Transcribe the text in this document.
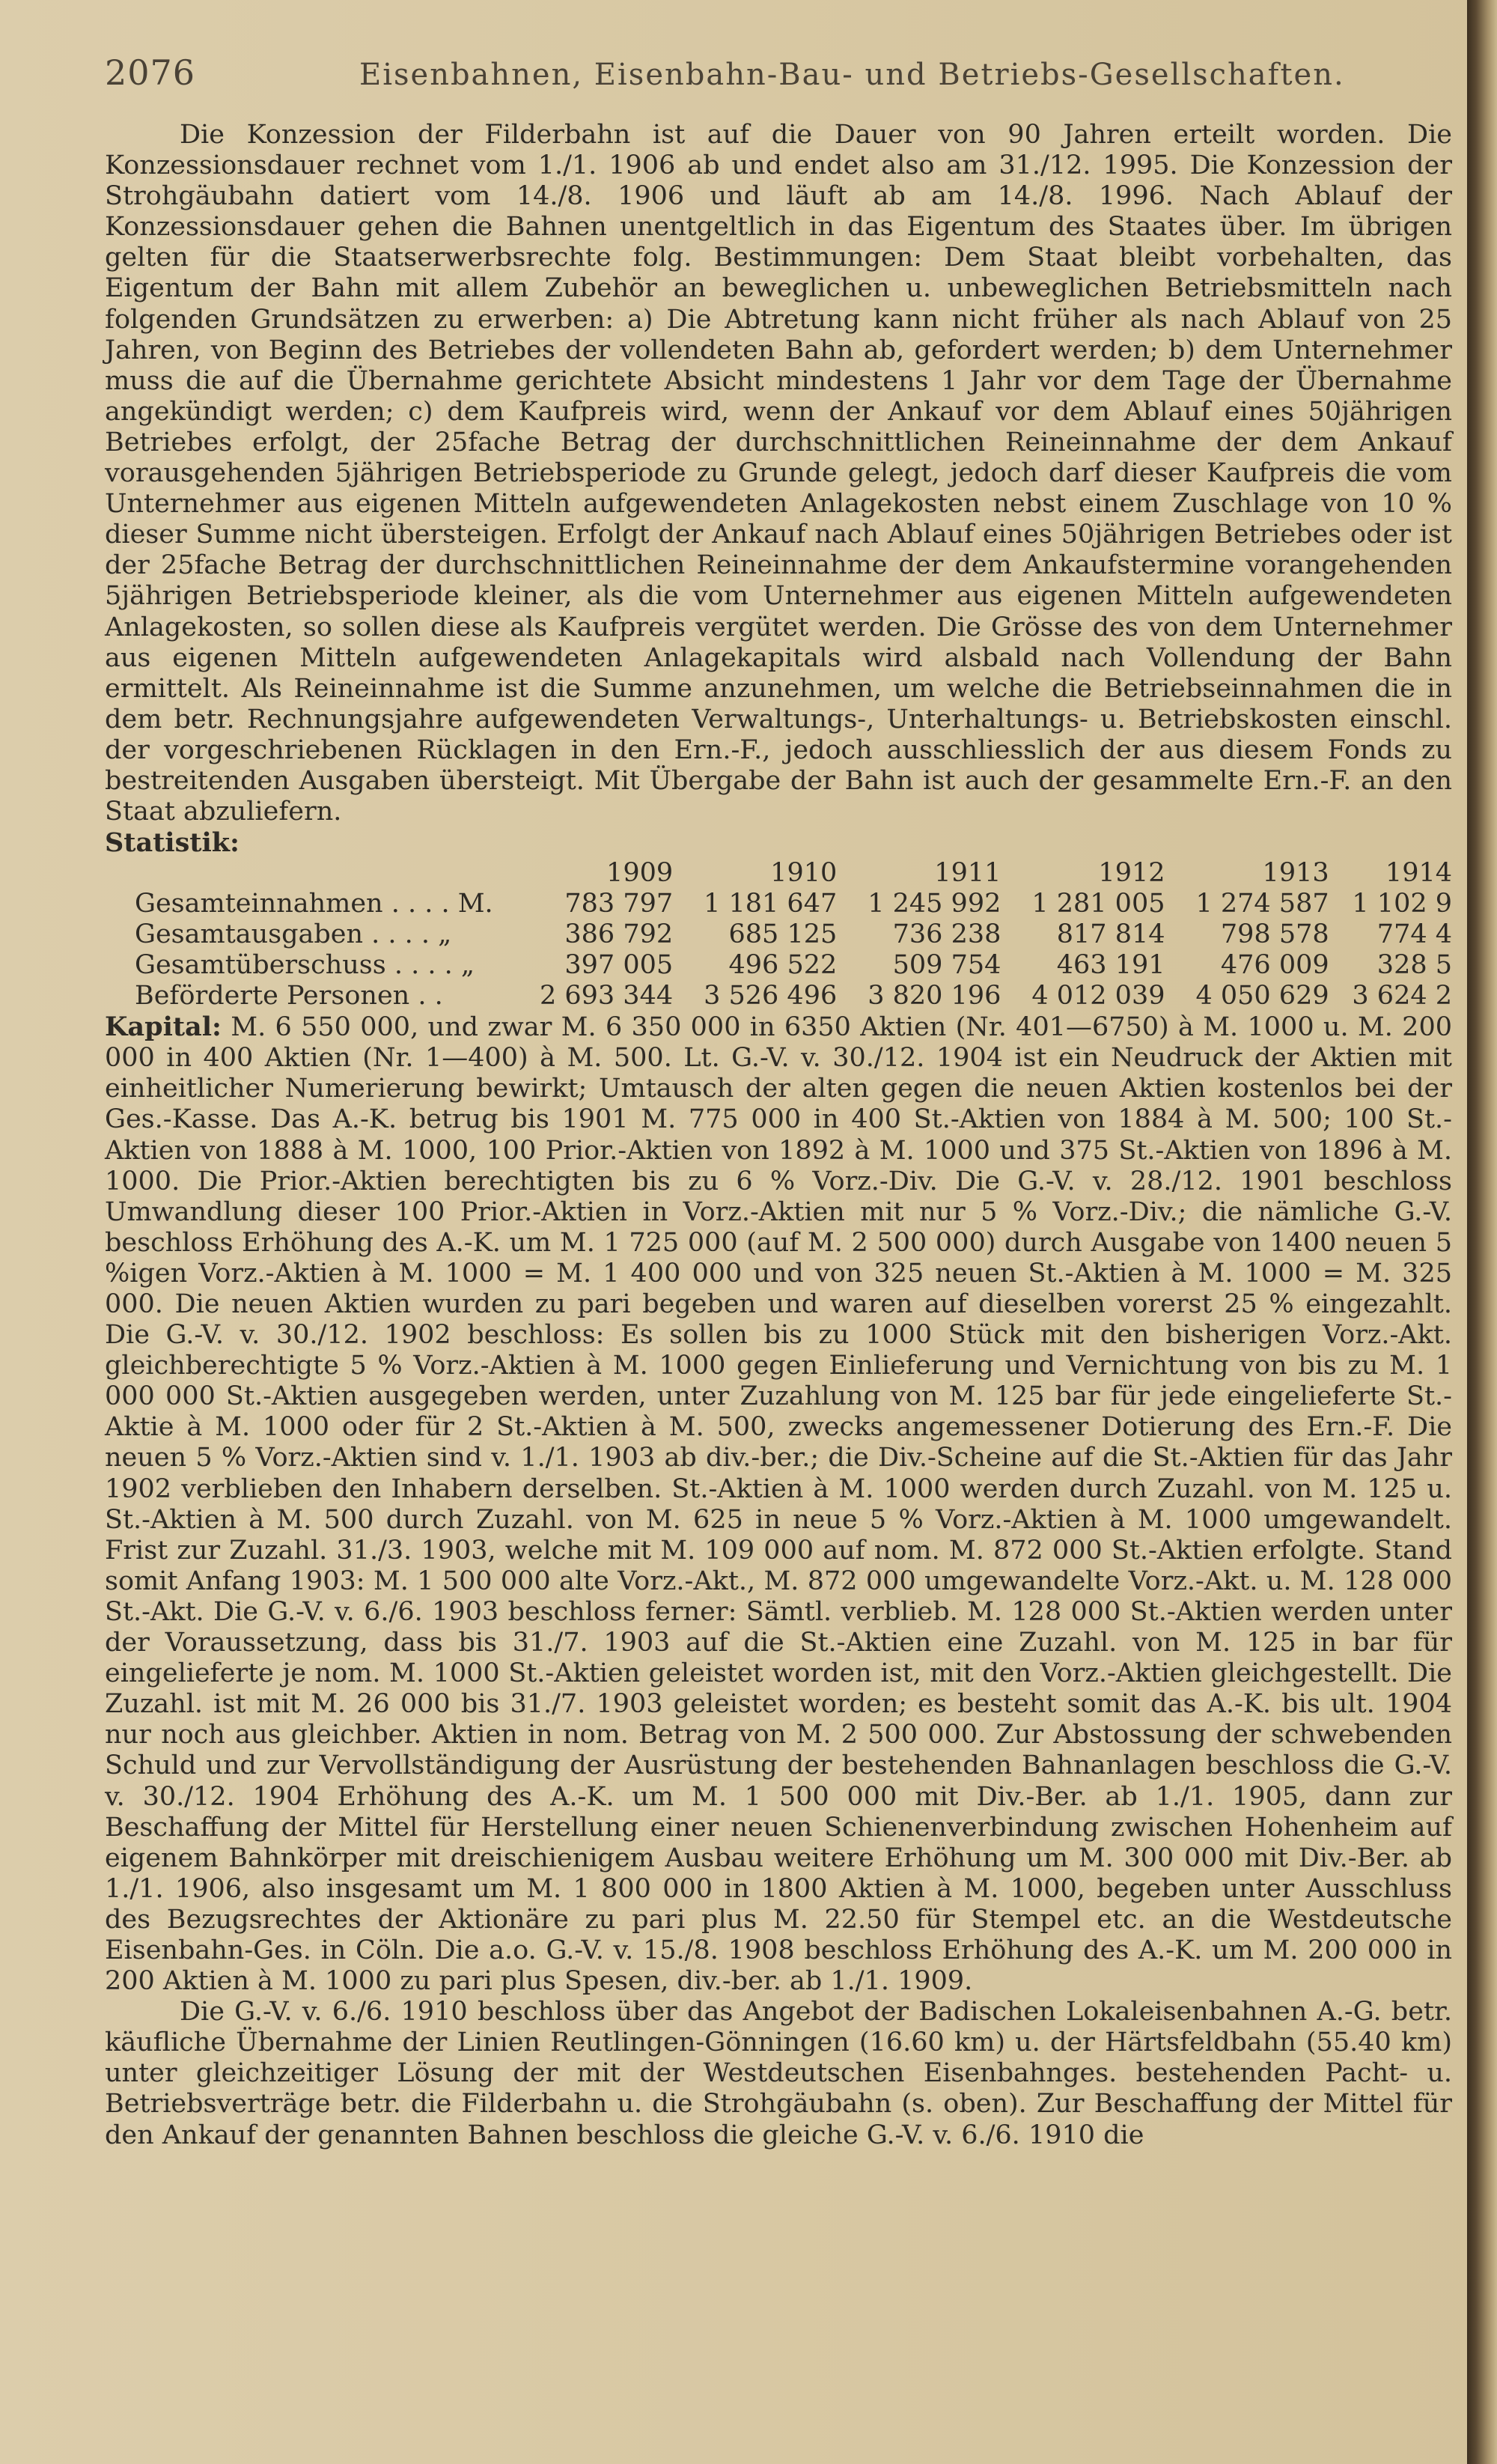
2076	Eisenbahnen, Eisenbahn-Bau- und Betriebs-Gesellschaften.

Die Konzession der Filderbahn ist auf die Dauer von 90 Jahren erteilt worden. Die Konzessionsdauer rechnet vom 1./1. 1906 ab und endet also am 31./12. 1995. Die Konzession der Strohgäubahn datiert vom 14./8. 1906 und läuft ab am 14./8. 1996. Nach Ablauf der Konzessionsdauer gehen die Bahnen unentgeltlich in das Eigentum des Staates über. Im übrigen gelten für die Staatserwerbsrechte folg. Bestimmungen: Dem Staat bleibt vorbehalten, das Eigentum der Bahn mit allem Zubehör an beweglichen u. unbeweglichen Betriebsmitteln nach folgenden Grundsätzen zu erwerben: a) Die Abtretung kann nicht früher als nach Ablauf von 25 Jahren, von Beginn des Betriebes der vollendeten Bahn ab, gefordert werden; b) dem Unternehmer muss die auf die Übernahme gerichtete Absicht mindestens 1 Jahr vor dem Tage der Übernahme angekündigt werden; c) dem Kaufpreis wird, wenn der Ankauf vor dem Ablauf eines 50jährigen Betriebes erfolgt, der 25fache Betrag der durchschnittlichen Reineinnahme der dem Ankauf vorausgehenden 5jährigen Betriebsperiode zu Grunde gelegt, jedoch darf dieser Kaufpreis die vom Unternehmer aus eigenen Mitteln aufgewendeten Anlagekosten nebst einem Zuschlage von 10 % dieser Summe nicht übersteigen. Erfolgt der Ankauf nach Ablauf eines 50jährigen Betriebes oder ist der 25fache Betrag der durchschnittlichen Reineinnahme der dem Ankaufstermine vorangehenden 5jährigen Betriebsperiode kleiner, als die vom Unternehmer aus eigenen Mitteln aufgewendeten Anlagekosten, so sollen diese als Kaufpreis vergütet werden. Die Grösse des von dem Unternehmer aus eigenen Mitteln aufgewendeten Anlagekapitals wird alsbald nach Vollendung der Bahn ermittelt. Als Reineinnahme ist die Summe anzunehmen, um welche die Betriebseinnahmen die in dem betr. Rechnungsjahre aufgewendeten Verwaltungs-, Unterhaltungs- u. Betriebskosten einschl. der vorgeschriebenen Rücklagen in den Ern.-F., jedoch ausschliesslich der aus diesem Fonds zu bestreitenden Ausgaben übersteigt. Mit Übergabe der Bahn ist auch der gesammelte Ern.-F. an den Staat abzuliefern.

Statistik:
	1909	1910	1911	1912	1913	1914
Gesamteinnahmen . . . . M.	783 797	1 181 647	1 245 992	1 281 005	1 274 587	1 102 9
Gesamtausgaben . . . . „	386 792	685 125	736 238	817 814	798 578	774 4
Gesamtüberschuss . . . . „	397 005	496 522	509 754	463 191	476 009	328 5
Beförderte Personen . .	2 693 344	3 526 496	3 820 196	4 012 039	4 050 629	3 624 2

Kapital: M. 6 550 000, und zwar M. 6 350 000 in 6350 Aktien (Nr. 401—6750) à M. 1000 u. M. 200 000 in 400 Aktien (Nr. 1—400) à M. 500. Lt. G.-V. v. 30./12. 1904 ist ein Neudruck der Aktien mit einheitlicher Numerierung bewirkt; Umtausch der alten gegen die neuen Aktien kostenlos bei der Ges.-Kasse. Das A.-K. betrug bis 1901 M. 775 000 in 400 St.-Aktien von 1884 à M. 500; 100 St.-Aktien von 1888 à M. 1000, 100 Prior.-Aktien von 1892 à M. 1000 und 375 St.-Aktien von 1896 à M. 1000. Die Prior.-Aktien berechtigten bis zu 6 % Vorz.-Div. Die G.-V. v. 28./12. 1901 beschloss Umwandlung dieser 100 Prior.-Aktien in Vorz.-Aktien mit nur 5 % Vorz.-Div.; die nämliche G.-V. beschloss Erhöhung des A.-K. um M. 1 725 000 (auf M. 2 500 000) durch Ausgabe von 1400 neuen 5 %igen Vorz.-Aktien à M. 1000 = M. 1 400 000 und von 325 neuen St.-Aktien à M. 1000 = M. 325 000. Die neuen Aktien wurden zu pari begeben und waren auf dieselben vorerst 25 % eingezahlt. Die G.-V. v. 30./12. 1902 beschloss: Es sollen bis zu 1000 Stück mit den bisherigen Vorz.-Akt. gleichberechtigte 5 % Vorz.-Aktien à M. 1000 gegen Einlieferung und Vernichtung von bis zu M. 1 000 000 St.-Aktien ausgegeben werden, unter Zuzahlung von M. 125 bar für jede eingelieferte St.-Aktie à M. 1000 oder für 2 St.-Aktien à M. 500, zwecks angemessener Dotierung des Ern.-F. Die neuen 5 % Vorz.-Aktien sind v. 1./1. 1903 ab div.-ber.; die Div.-Scheine auf die St.-Aktien für das Jahr 1902 verblieben den Inhabern derselben. St.-Aktien à M. 1000 werden durch Zuzahl. von M. 125 u. St.-Aktien à M. 500 durch Zuzahl. von M. 625 in neue 5 % Vorz.-Aktien à M. 1000 umgewandelt. Frist zur Zuzahl. 31./3. 1903, welche mit M. 109 000 auf nom. M. 872 000 St.-Aktien erfolgte. Stand somit Anfang 1903: M. 1 500 000 alte Vorz.-Akt., M. 872 000 umgewandelte Vorz.-Akt. u. M. 128 000 St.-Akt. Die G.-V. v. 6./6. 1903 beschloss ferner: Sämtl. verblieb. M. 128 000 St.-Aktien werden unter der Voraussetzung, dass bis 31./7. 1903 auf die St.-Aktien eine Zuzahl. von M. 125 in bar für eingelieferte je nom. M. 1000 St.-Aktien geleistet worden ist, mit den Vorz.-Aktien gleichgestellt. Die Zuzahl. ist mit M. 26 000 bis 31./7. 1903 geleistet worden; es besteht somit das A.-K. bis ult. 1904 nur noch aus gleichber. Aktien in nom. Betrag von M. 2 500 000. Zur Abstossung der schwebenden Schuld und zur Vervollständigung der Ausrüstung der bestehenden Bahnanlagen beschloss die G.-V. v. 30./12. 1904 Erhöhung des A.-K. um M. 1 500 000 mit Div.-Ber. ab 1./1. 1905, dann zur Beschaffung der Mittel für Herstellung einer neuen Schienenverbindung zwischen Hohenheim auf eigenem Bahnkörper mit dreischienigem Ausbau weitere Erhöhung um M. 300 000 mit Div.-Ber. ab 1./1. 1906, also insgesamt um M. 1 800 000 in 1800 Aktien à M. 1000, begeben unter Ausschluss des Bezugsrechtes der Aktionäre zu pari plus M. 22.50 für Stempel etc. an die Westdeutsche Eisenbahn-Ges. in Cöln. Die a.o. G.-V. v. 15./8. 1908 beschloss Erhöhung des A.-K. um M. 200 000 in 200 Aktien à M. 1000 zu pari plus Spesen, div.-ber. ab 1./1. 1909.

Die G.-V. v. 6./6. 1910 beschloss über das Angebot der Badischen Lokaleisenbahnen A.-G. betr. käufliche Übernahme der Linien Reutlingen-Gönningen (16.60 km) u. der Härtsfeldbahn (55.40 km) unter gleichzeitiger Lösung der mit der Westdeutschen Eisenbahnges. bestehenden Pacht- u. Betriebsverträge betr. die Filderbahn u. die Strohgäubahn (s. oben). Zur Beschaffung der Mittel für den Ankauf der genannten Bahnen beschloss die gleiche G.-V. v. 6./6. 1910 die
